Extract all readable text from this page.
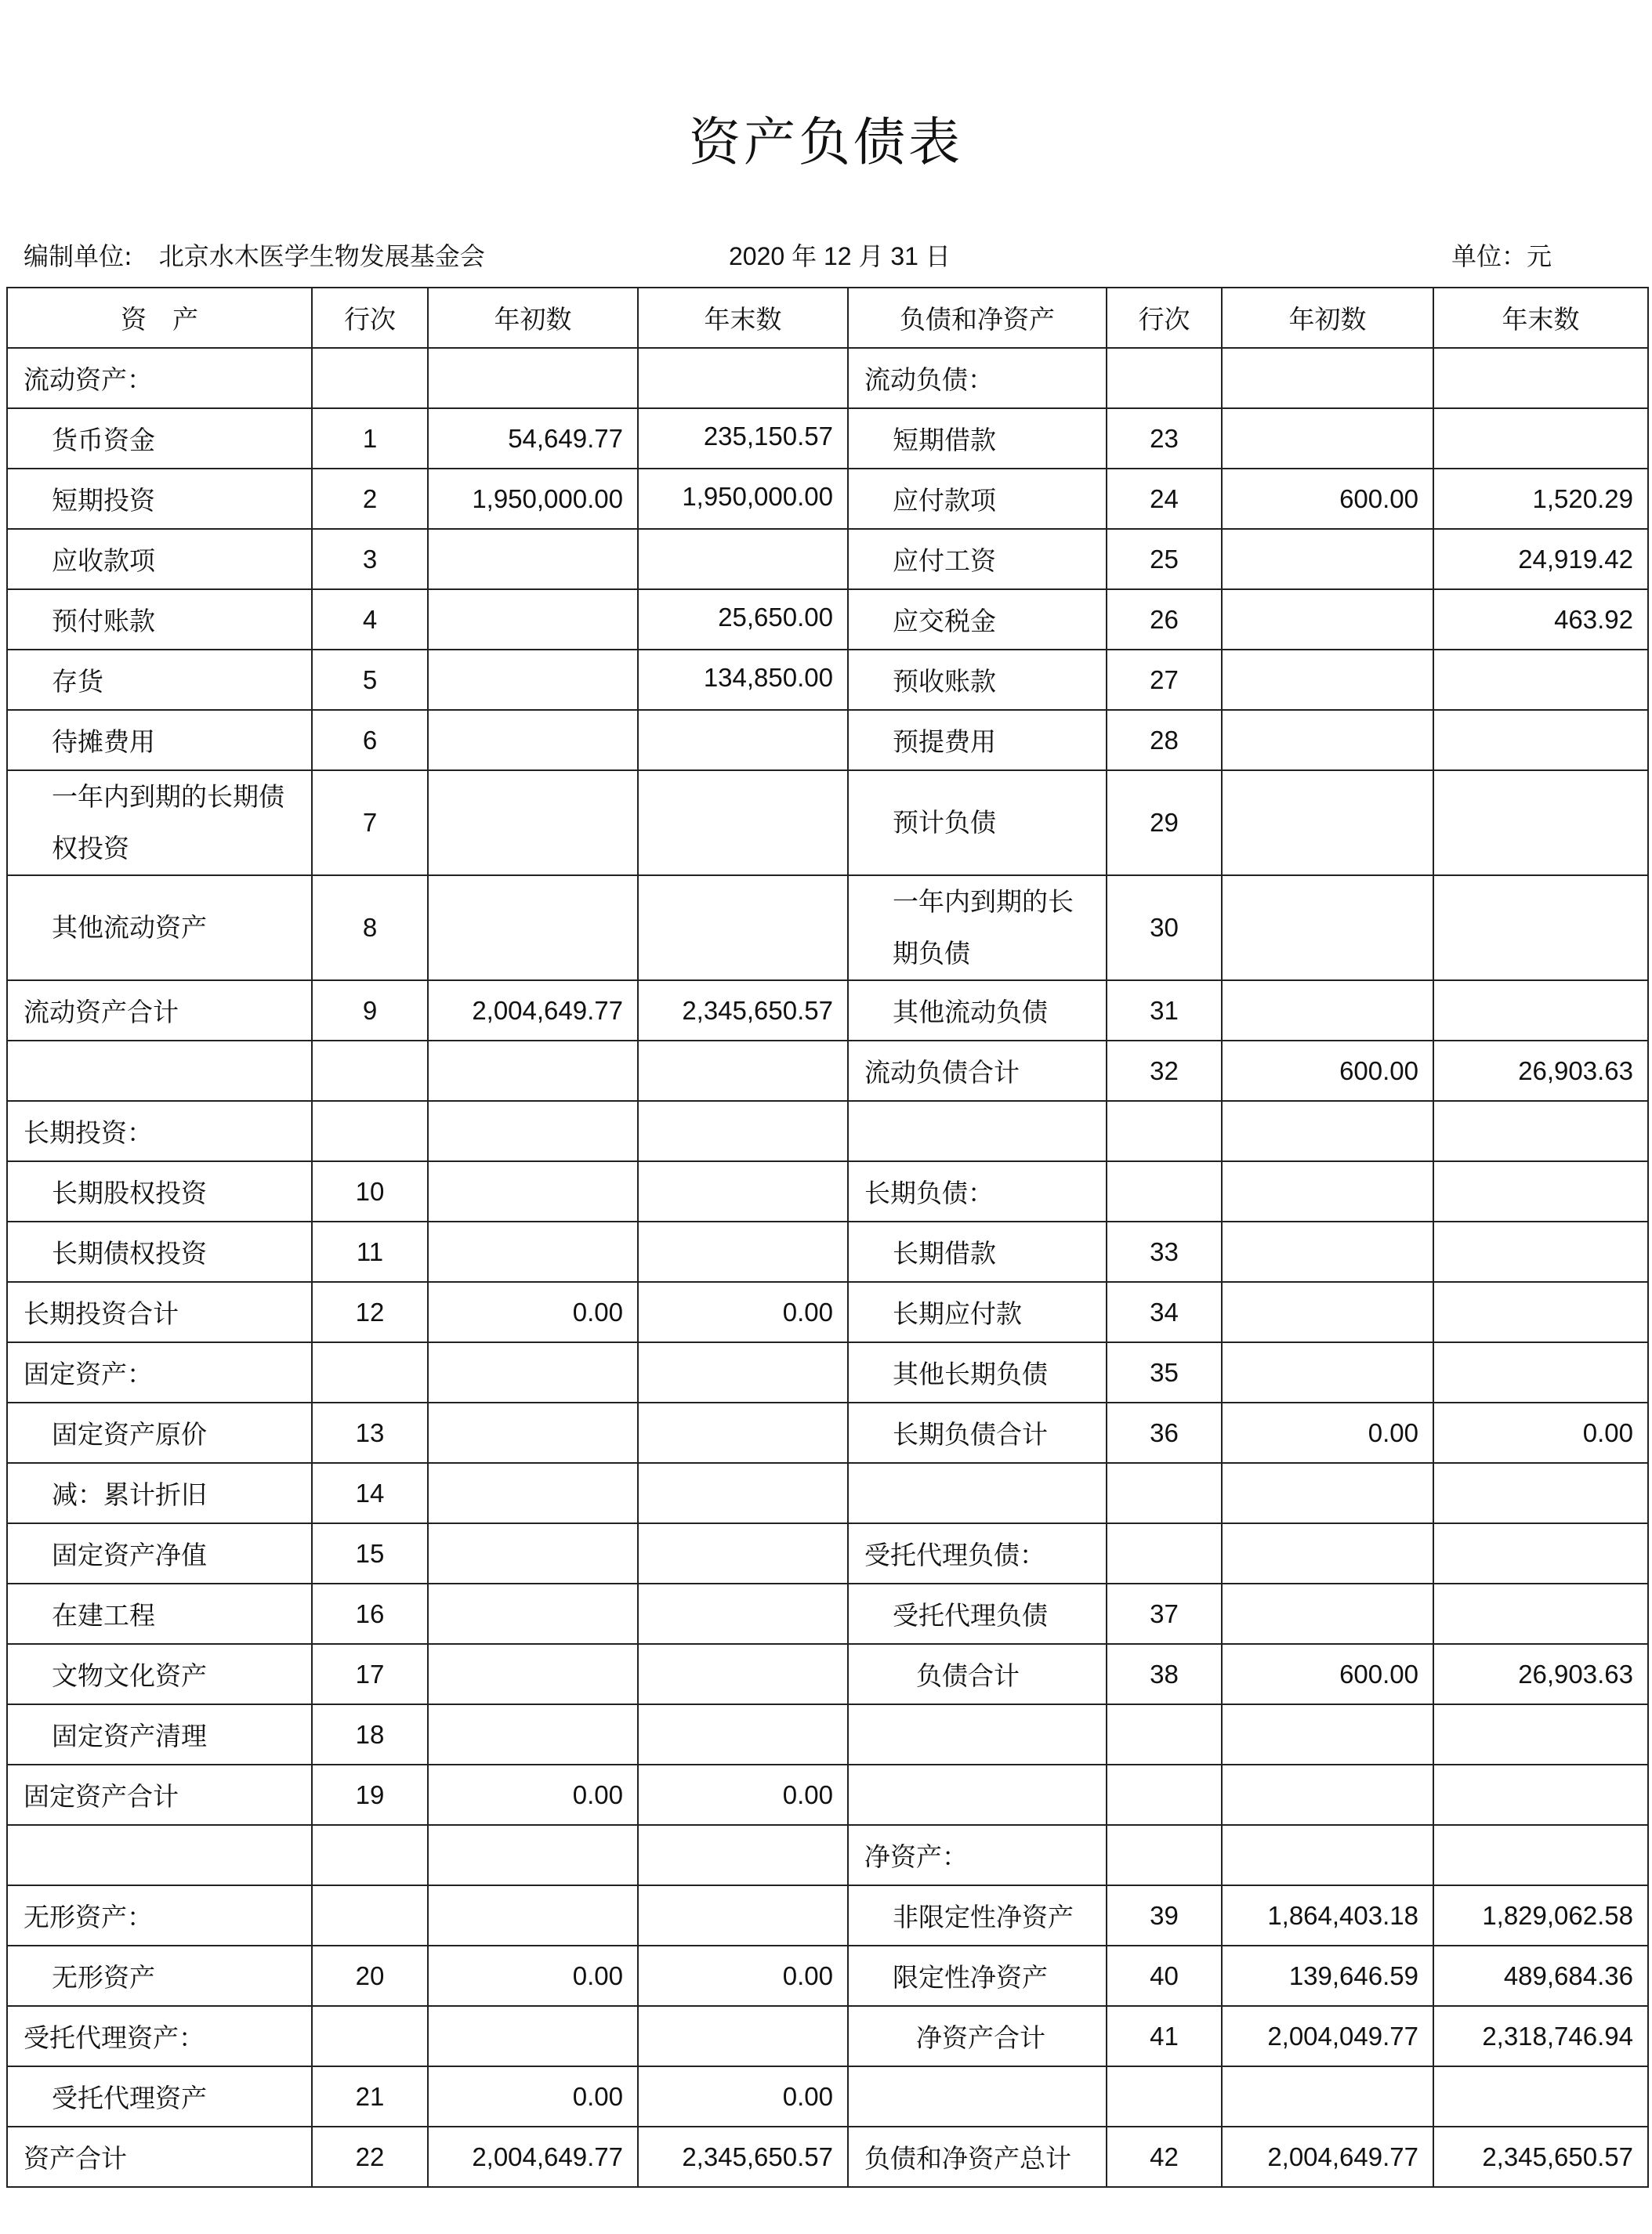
资产负债表
编制单位: 北京水木医学生物发展基金会	2020 年 12 月 31 日	单位：元
资　产	行次	年初数	年末数	负债和净资产	行次	年初数	年末数
流动资产：				流动负债：			
货币资金	1	54,649.77	235,150.57	短期借款	23		
短期投资	2	1,950,000.00	1,950,000.00	应付款项	24	600.00	1,520.29
应收款项	3			应付工资	25		24,919.42
预付账款	4		25,650.00	应交税金	26		463.92
存货	5		134,850.00	预收账款	27		
待摊费用	6			预提费用	28		
一年内到期的长期债权投资	7			预计负债	29		
其他流动资产	8			一年内到期的长期负债	30		
流动资产合计	9	2,004,649.77	2,345,650.57	其他流动负债	31		
				流动负债合计	32	600.00	26,903.63
长期投资：							
长期股权投资	10			长期负债：			
长期债权投资	11			长期借款	33		
长期投资合计	12	0.00	0.00	长期应付款	34		
固定资产：				其他长期负债	35		
固定资产原价	13			长期负债合计	36	0.00	0.00
减：累计折旧	14						
固定资产净值	15			受托代理负债：			
在建工程	16			受托代理负债	37		
文物文化资产	17			负债合计	38	600.00	26,903.63
固定资产清理	18						
固定资产合计	19	0.00	0.00				
				净资产：			
无形资产：				非限定性净资产	39	1,864,403.18	1,829,062.58
无形资产	20	0.00	0.00	限定性净资产	40	139,646.59	489,684.36
受托代理资产：				净资产合计	41	2,004,049.77	2,318,746.94
受托代理资产	21	0.00	0.00				
资产合计	22	2,004,649.77	2,345,650.57	负债和净资产总计	42	2,004,649.77	2,345,650.57
